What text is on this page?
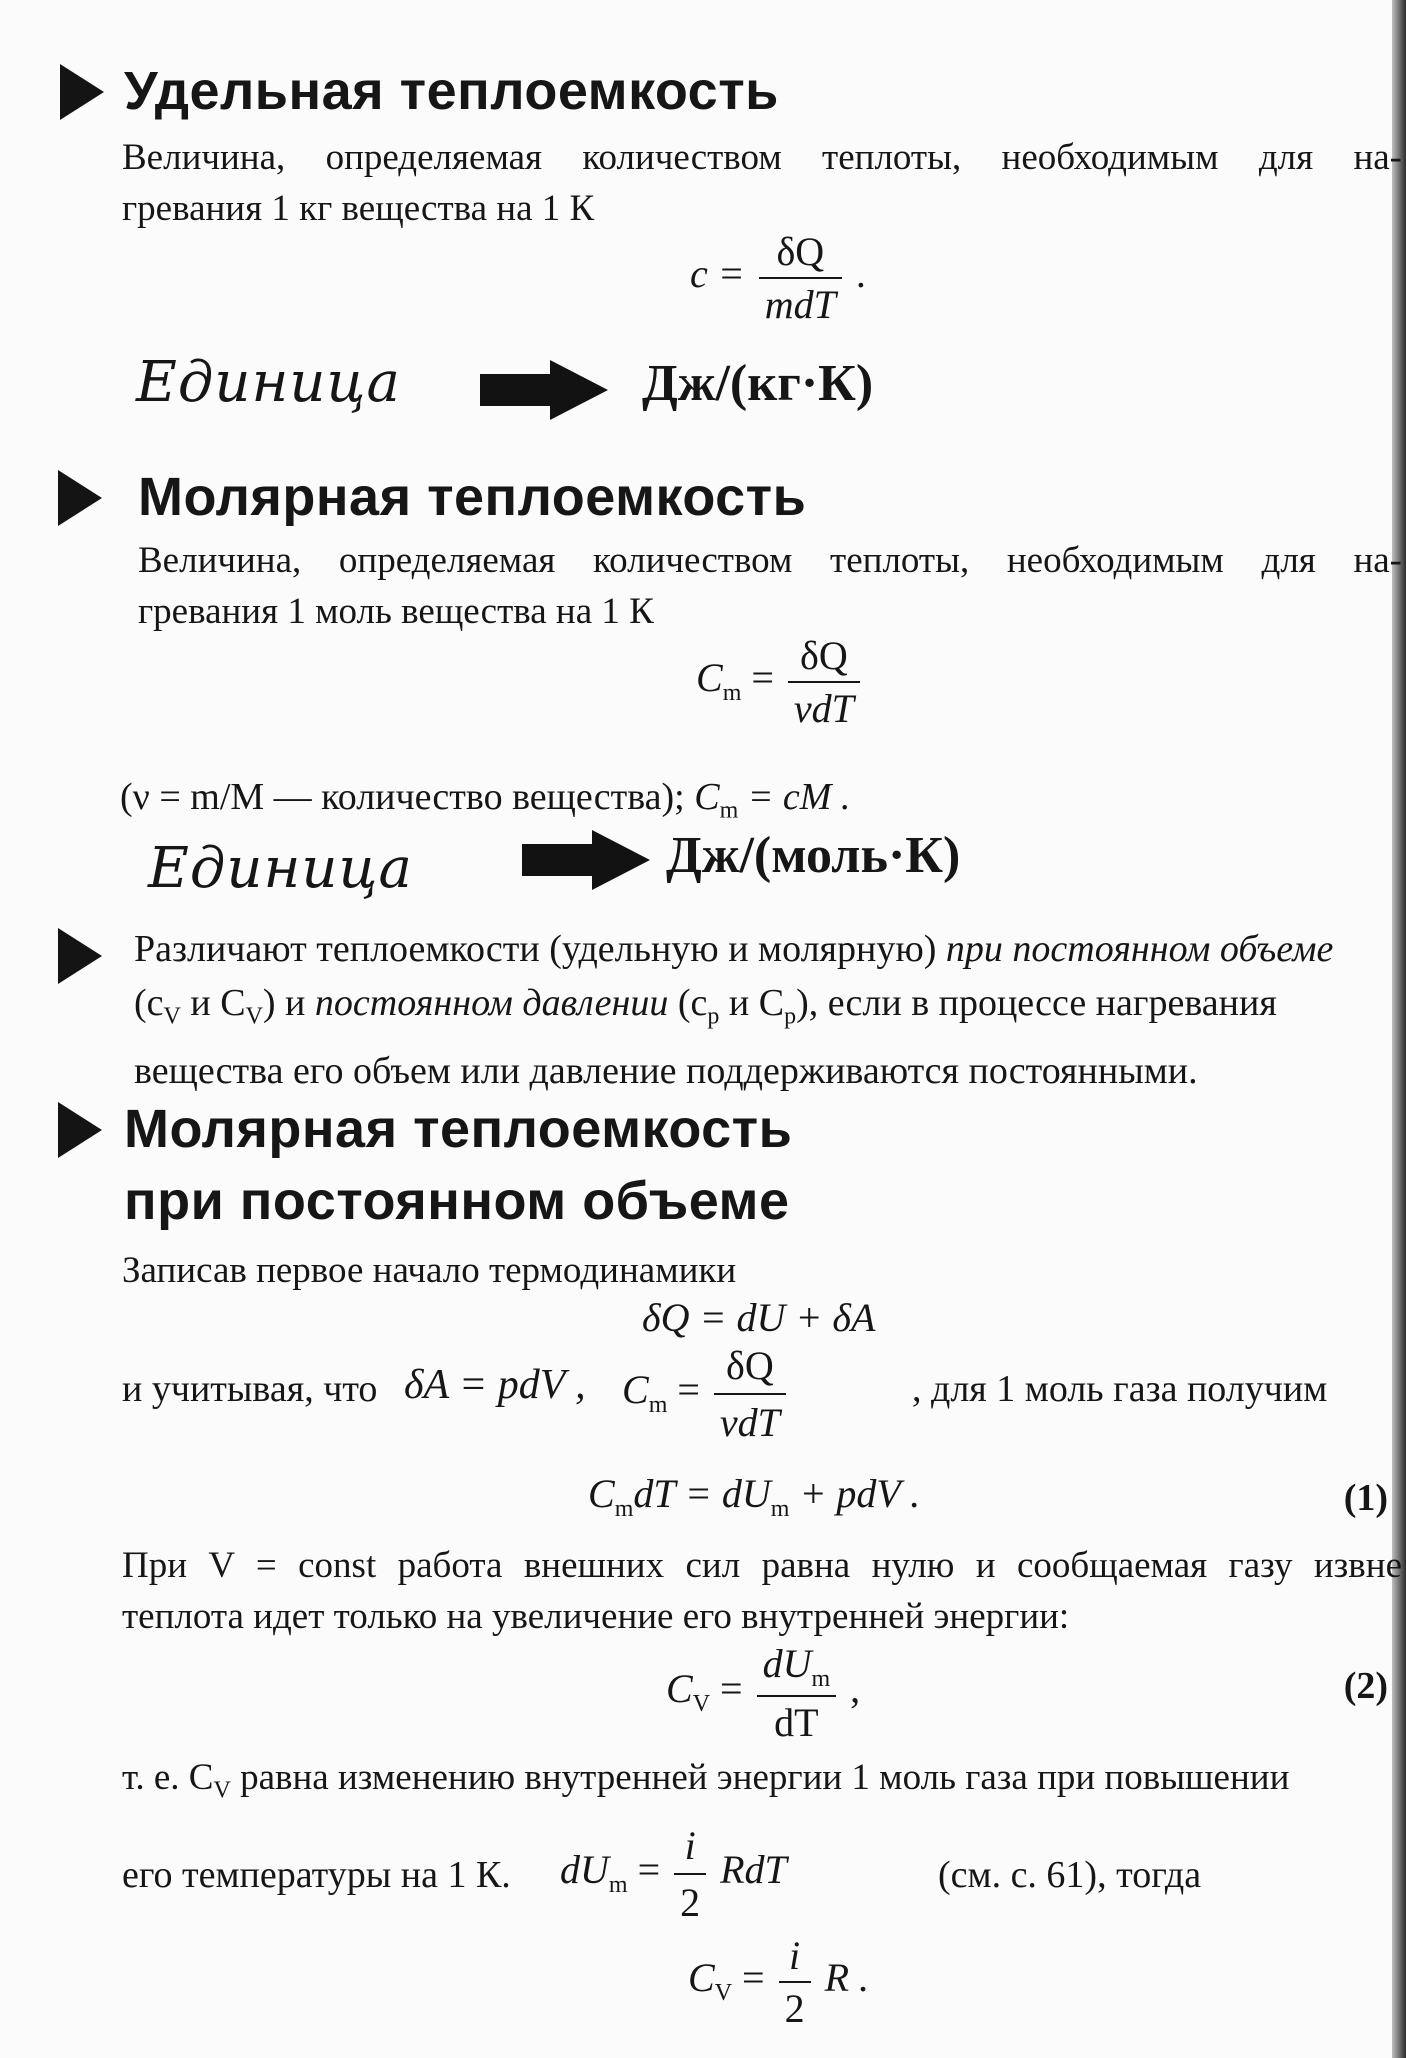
Удельная теплоемкость
Величина, определяемая количеством теплоты, необходимым для на-
гревания 1 кг вещества на 1 К
$c = \frac{\delta Q}{\text{mdT}}$ .
Единица	Дж/(кг·К)
Молярная теплоемкость
Величина, определяемая количеством теплоты, необходимым для на-
гревания 1 моль вещества на 1 К
$C_m = \frac{\delta Q}{\text{νdT}}$
(ν = m/M — количество вещества); $C_m$ = cM .
Единица	Дж/(моль·К)
Различают теплоемкости (удельную и молярную) при постоянном объеме
($c_V$ и $C_V$) и постоянном давлении ($c_p$ и $C_p$), если в процессе нагревания
вещества его объем или давление поддерживаются постоянными.
Молярная теплоемкость
при постоянном объеме
Записав первое начало термодинамики
δQ = dU + δA
и учитывая, что δA = pdV , $C_m = \frac{\delta Q}{\text{νdT}}$	, для 1 моль газа получим
$C_mdT = dU_m$ + pdV .	(1)
При V = const работа внешних сил равна нулю и сообщаемая газу извне
теплота идет только на увеличение его внутренней энергии:
$C_V = \frac{dU_m}{dT}$ ,	(2)
т. е. $C_V$ равна изменению внутренней энергии 1 моль газа при повышении
его температуры на 1 К. $dU_m = \frac{i}{2}$ RdT	(см. с. 61), тогда
$C_V = \frac{i}{2}$ R .
